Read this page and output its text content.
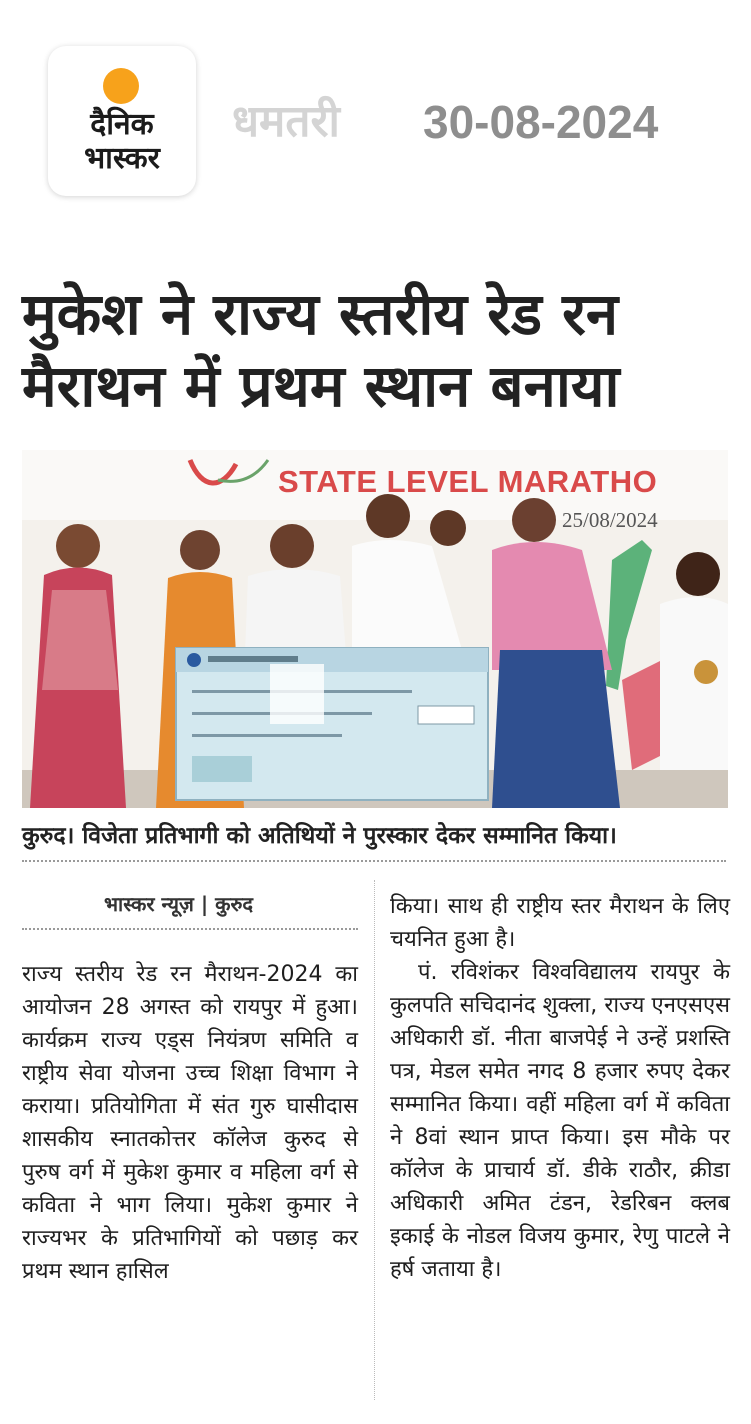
दैनिक
भास्कर
धमतरी 30-08-2024
मुकेश ने राज्य स्तरीय रेड रन
मैराथन में प्रथम स्थान बनाया
STATE LEVEL MARATHO
25/08/2024
कुरुद। विजेता प्रतिभागी को अतिथियों ने पुरस्कार देकर सम्मानित किया।
भास्कर न्यूज़ | कुरुद

राज्य स्तरीय रेड रन मैराथन-2024 का आयोजन 28 अगस्त को रायपुर में हुआ। कार्यक्रम राज्य एड्स नियंत्रण समिति व राष्ट्रीय सेवा योजना उच्च शिक्षा विभाग ने कराया। प्रतियोगिता में संत गुरु घासीदास शासकीय स्नातकोत्तर कॉलेज कुरुद से पुरुष वर्ग में मुकेश कुमार व महिला वर्ग से कविता ने भाग लिया। मुकेश कुमार ने राज्यभर के प्रतिभागियों को पछाड़ कर प्रथम स्थान हासिल

किया। साथ ही राष्ट्रीय स्तर मैराथन के लिए चयनित हुआ है।

पं. रविशंकर विश्वविद्यालय रायपुर के कुलपति सचिदानंद शुक्ला, राज्य एनएसएस अधिकारी डॉ. नीता बाजपेई ने उन्हें प्रशस्ति पत्र, मेडल समेत नगद 8 हजार रुपए देकर सम्मानित किया। वहीं महिला वर्ग में कविता ने 8वां स्थान प्राप्त किया। इस मौके पर कॉलेज के प्राचार्य डॉ. डीके राठौर, क्रीडा अधिकारी अमित टंडन, रेडरिबन क्लब इकाई के नोडल विजय कुमार, रेणु पाटले ने हर्ष जताया है।
